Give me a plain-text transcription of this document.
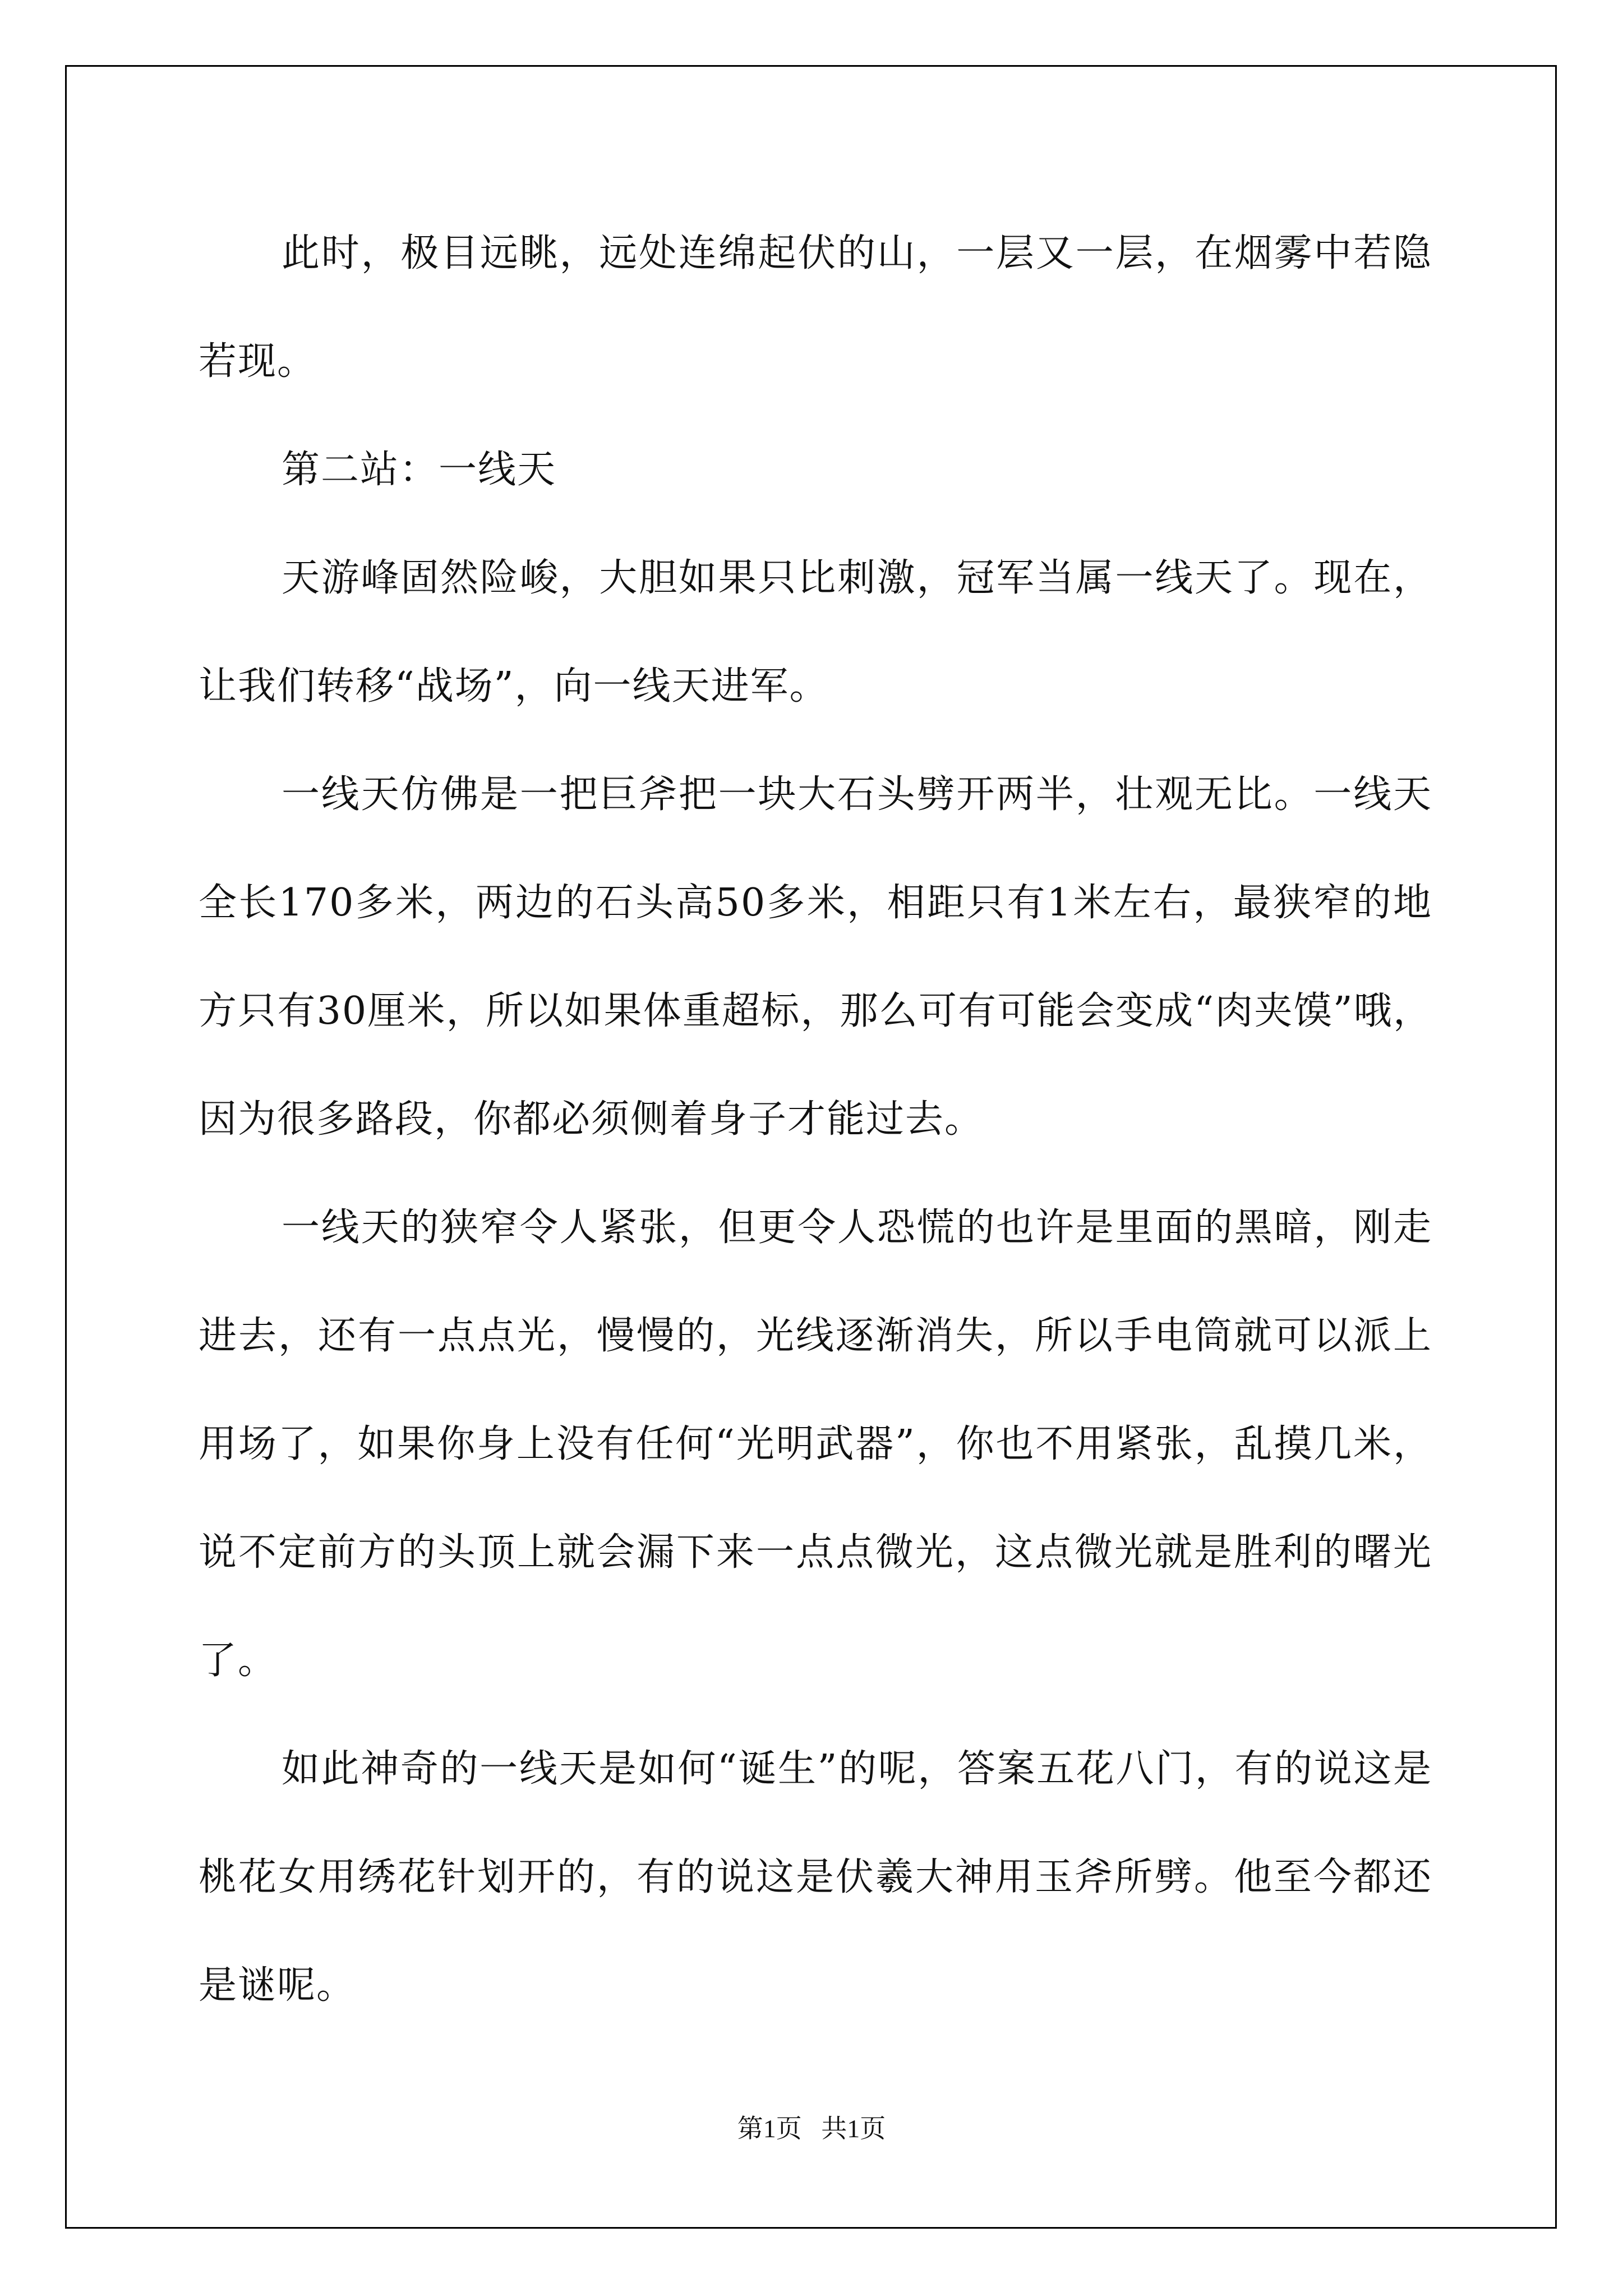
此时，极目远眺，远处连绵起伏的山，一层又一层，在烟雾中若隐若现。

第二站：一线天

天游峰固然险峻，大胆如果只比刺激，冠军当属一线天了。现在，让我们转移“战场”，向一线天进军。

一线天仿佛是一把巨斧把一块大石头劈开两半，壮观无比。一线天全长170多米，两边的石头高50多米，相距只有1米左右，最狭窄的地方只有30厘米，所以如果体重超标，那么可有可能会变成“肉夹馍”哦，因为很多路段，你都必须侧着身子才能过去。

一线天的狭窄令人紧张，但更令人恐慌的也许是里面的黑暗，刚走进去，还有一点点光，慢慢的，光线逐渐消失，所以手电筒就可以派上用场了，如果你身上没有任何“光明武器”，你也不用紧张，乱摸几米，说不定前方的头顶上就会漏下来一点点微光，这点微光就是胜利的曙光了。

如此神奇的一线天是如何“诞生”的呢，答案五花八门，有的说这是桃花女用绣花针划开的，有的说这是伏羲大神用玉斧所劈。他至今都还是谜呢。

第1页   共1页
